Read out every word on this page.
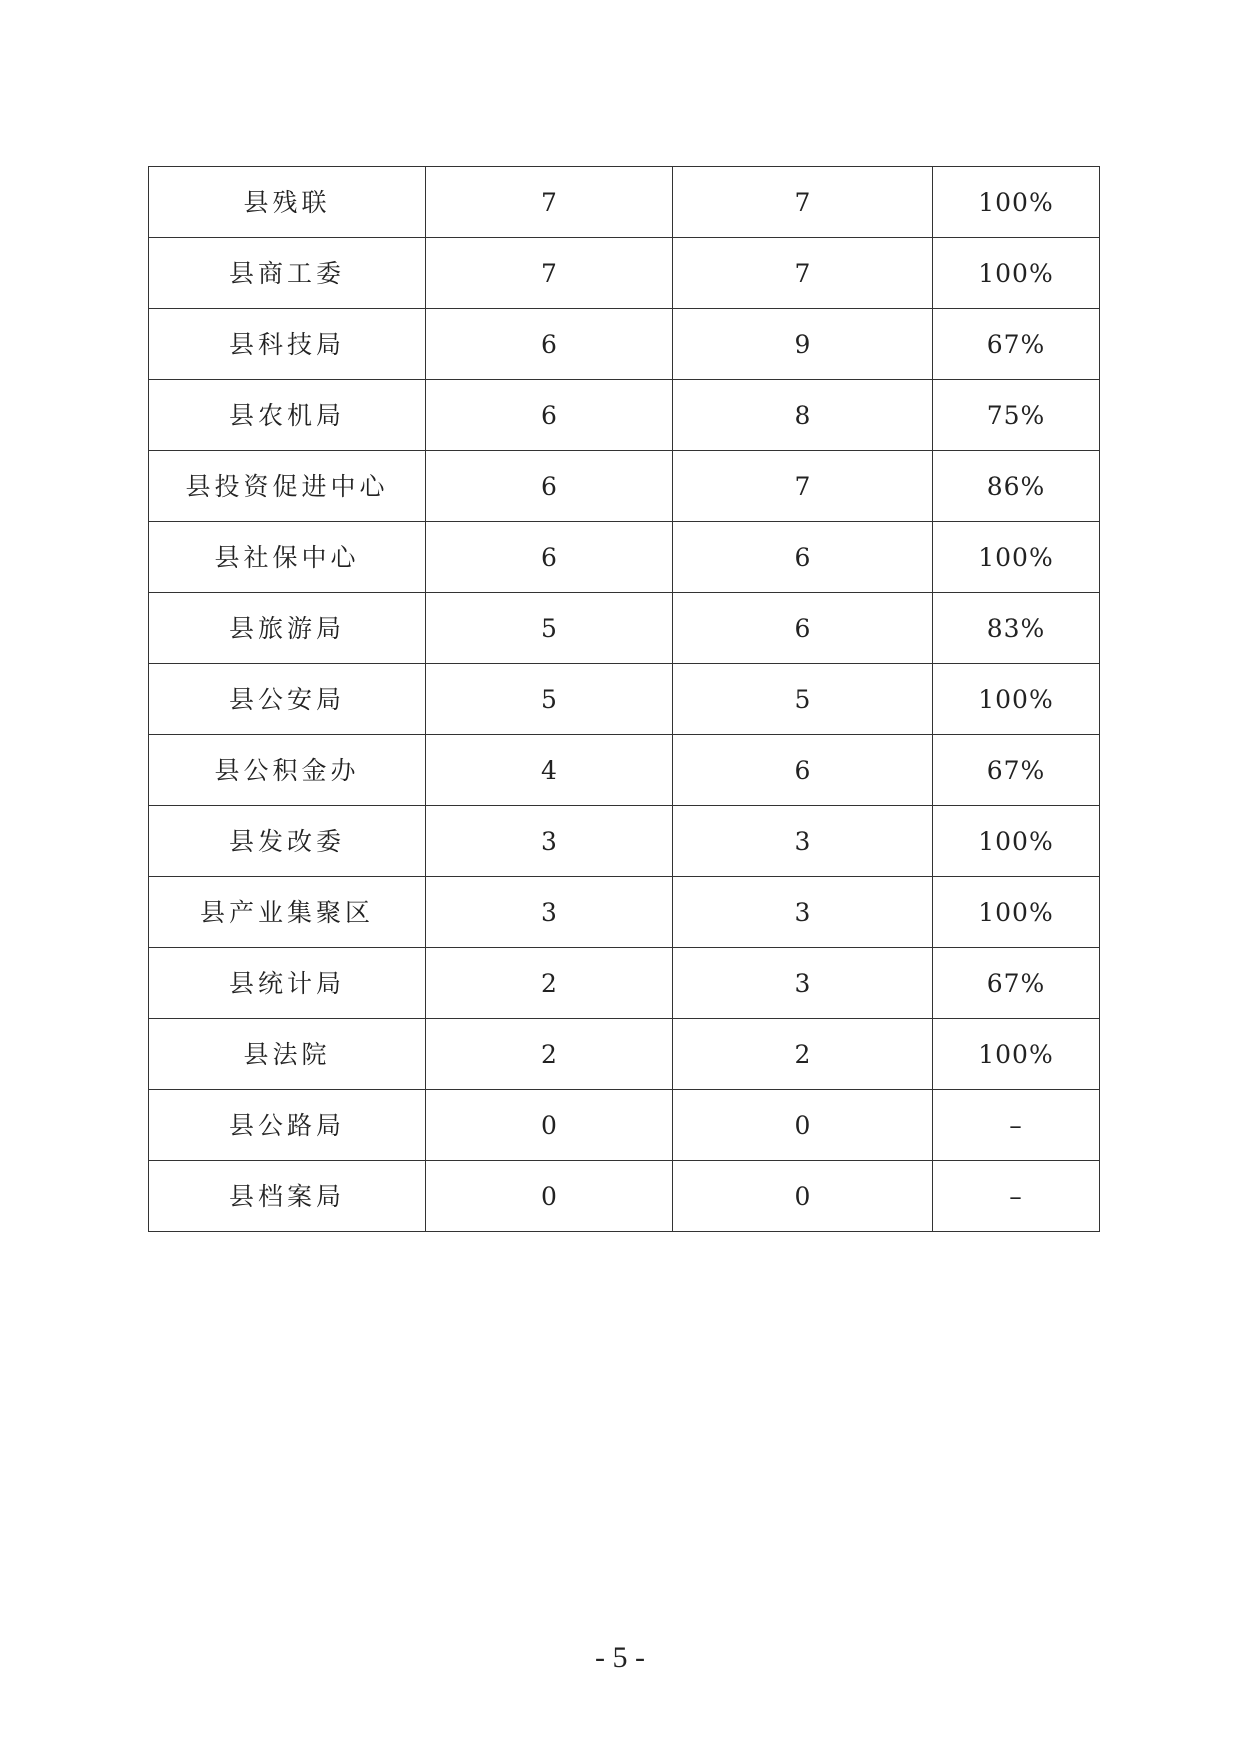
县残联	7	7	100%
县商工委	7	7	100%
县科技局	6	9	67%
县农机局	6	8	75%
县投资促进中心	6	7	86%
县社保中心	6	6	100%
县旅游局	5	6	83%
县公安局	5	5	100%
县公积金办	4	6	67%
县发改委	3	3	100%
县产业集聚区	3	3	100%
县统计局	2	3	67%
县法院	2	2	100%
县公路局	0	0	–
县档案局	0	0	–
- 5 -
